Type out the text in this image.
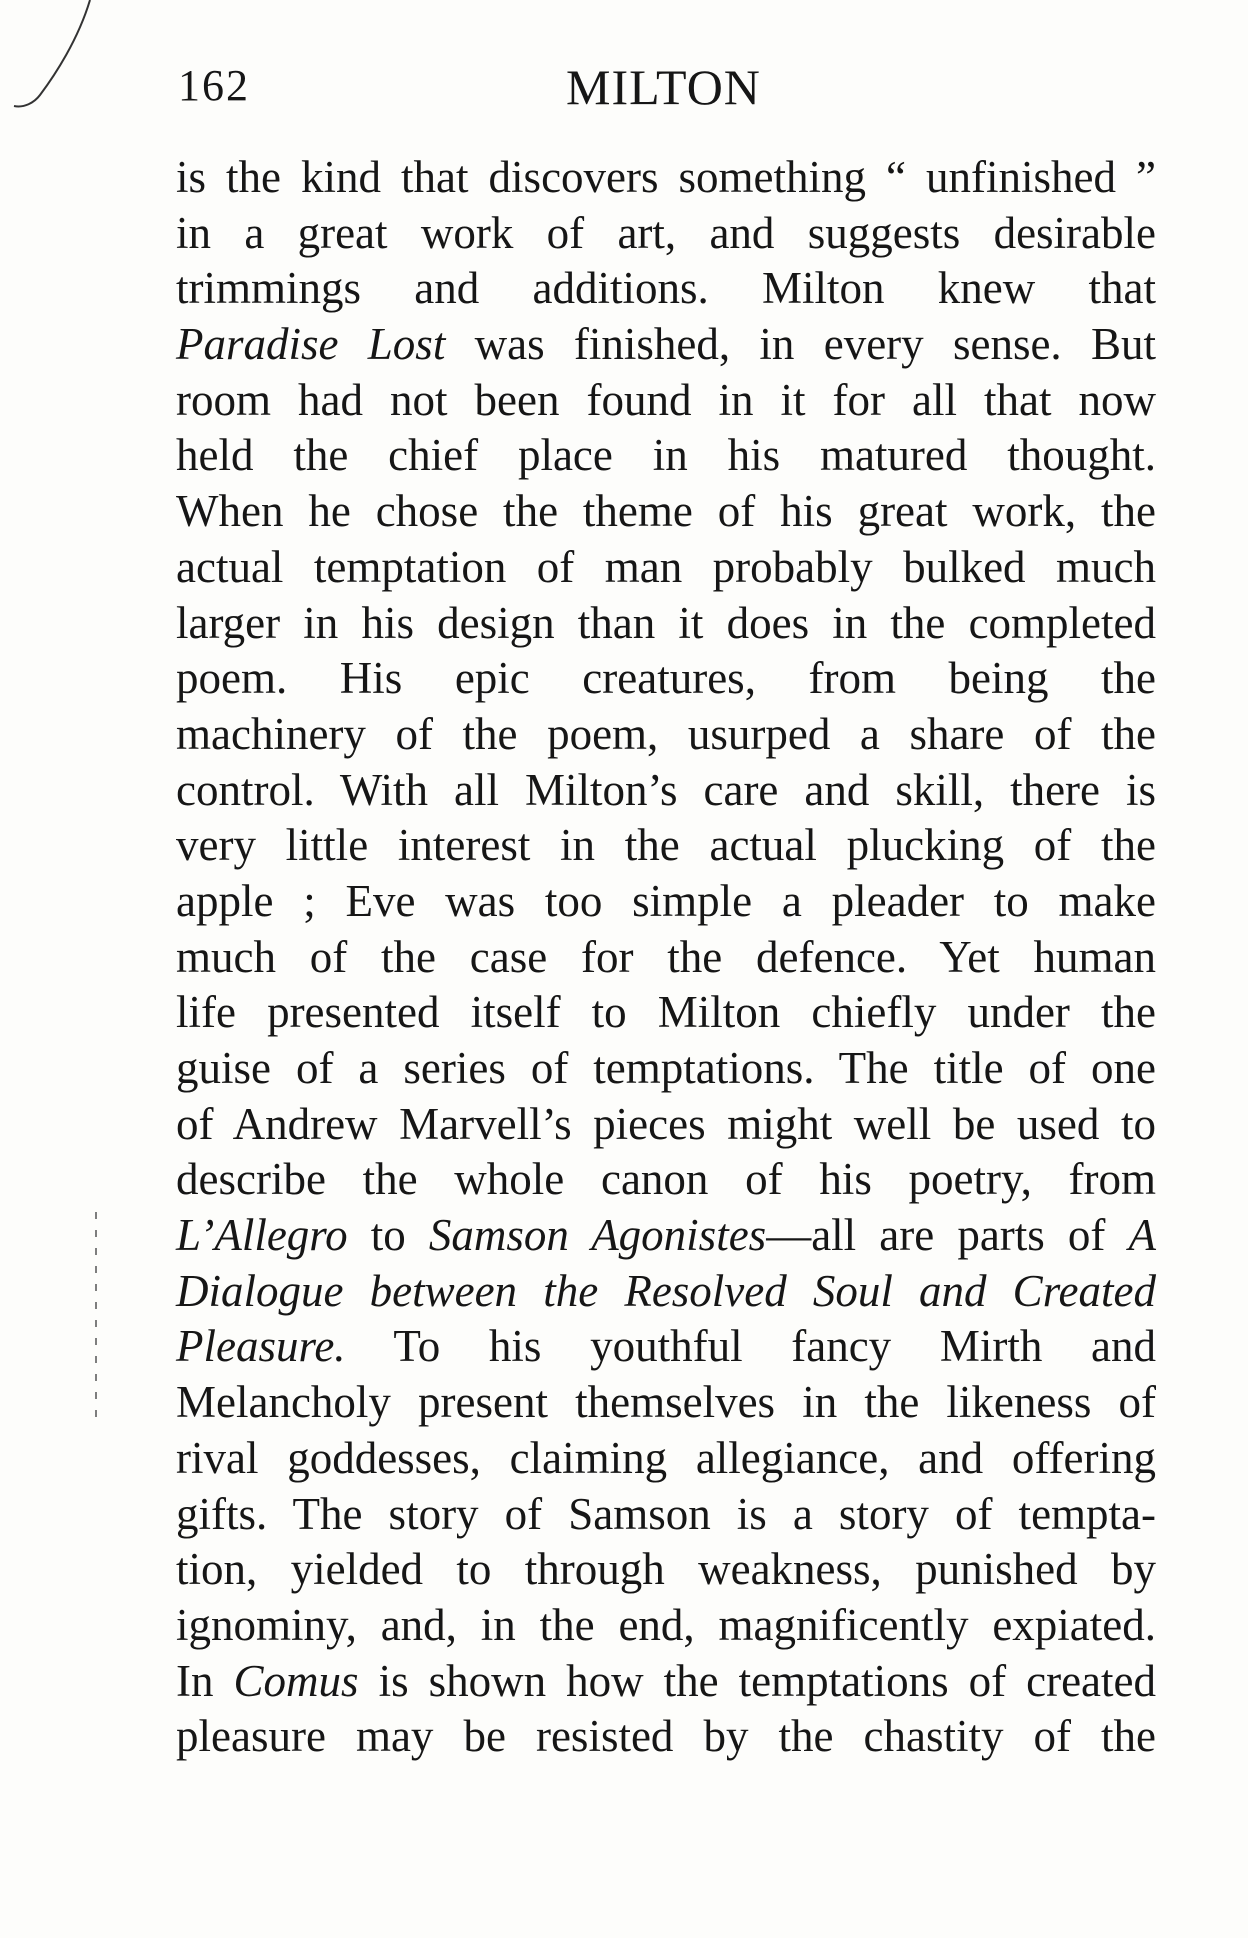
162	MILTON
is the kind that discovers something “ unfinished ”
in a great work of art, and suggests desirable
trimmings and additions. Milton knew that
Paradise Lost was finished, in every sense. But
room had not been found in it for all that now
held the chief place in his matured thought.
When he chose the theme of his great work, the
actual temptation of man probably bulked much
larger in his design than it does in the completed
poem. His epic creatures, from being the
machinery of the poem, usurped a share of the
control. With all Milton’s care and skill, there is
very little interest in the actual plucking of the
apple ; Eve was too simple a pleader to make
much of the case for the defence. Yet human
life presented itself to Milton chiefly under the
guise of a series of temptations. The title of one
of Andrew Marvell’s pieces might well be used to
describe the whole canon of his poetry, from
L’Allegro to Samson Agonistes—all are parts of A
Dialogue between the Resolved Soul and Created
Pleasure. To his youthful fancy Mirth and
Melancholy present themselves in the likeness of
rival goddesses, claiming allegiance, and offering
gifts. The story of Samson is a story of tempta-
tion, yielded to through weakness, punished by
ignominy, and, in the end, magnificently expiated.
In Comus is shown how the temptations of created
pleasure may be resisted by the chastity of the
